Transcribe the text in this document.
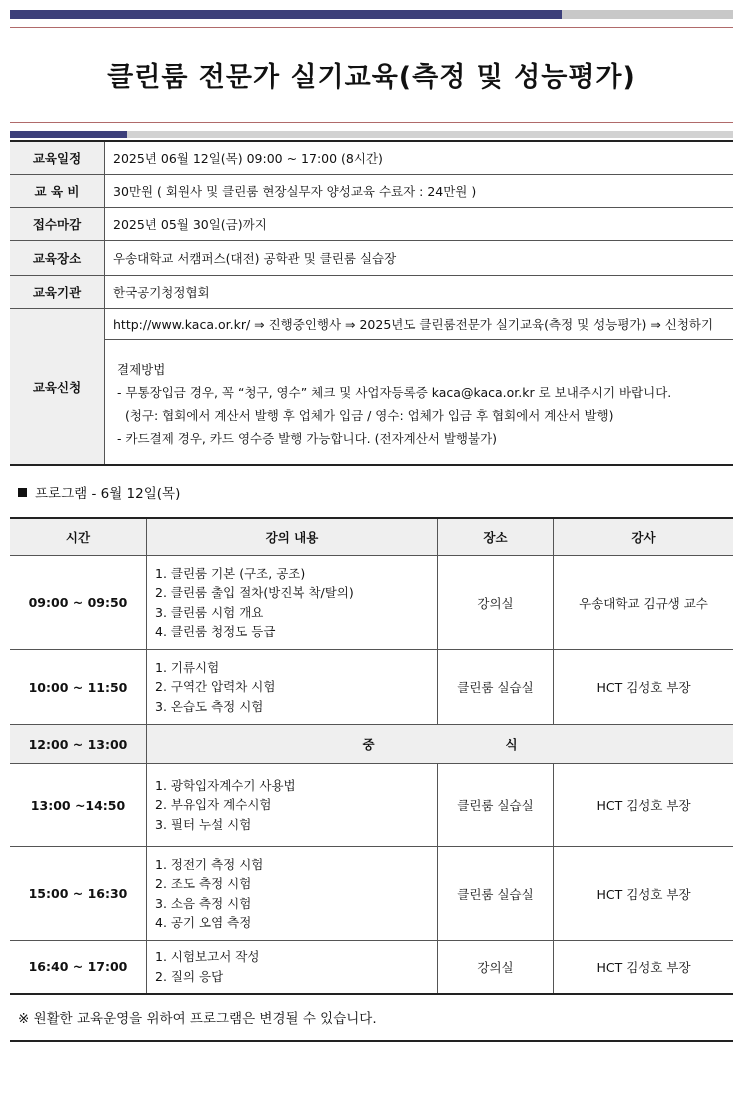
클린룸 전문가 실기교육(측정 및 성능평가)
교육일정	2025년 06월 12일(목) 09:00 ~ 17:00 (8시간)
교 육 비	30만원 ( 회원사 및 클린룸 현장실무자 양성교육 수료자 : 24만원 )
접수마감	2025년 05월 30일(금)까지
교육장소	우송대학교 서캠퍼스(대전) 공학관 및 클린룸 실습장
교육기관	한국공기청정협회
교육신청	http://www.kaca.or.kr/ ⇒ 진행중인행사 ⇒ 2025년도 클린룸전문가 실기교육(측정 및 성능평가) ⇒ 신청하기
결제방법
- 무통장입금 경우, 꼭 “청구, 영수” 체크 및 사업자등록증 kaca@kaca.or.kr 로 보내주시기 바랍니다.
(청구: 협회에서 계산서 발행 후 업체가 입금 / 영수: 업체가 입금 후 협회에서 계산서 발행)
- 카드결제 경우, 카드 영수증 발행 가능합니다. (전자계산서 발행불가)
프로그램 - 6월 12일(목)
시간	강의 내용	장소	강사
09:00 ~ 09:50	1. 클린룸 기본 (구조, 공조)
2. 클린룸 출입 절차(방진복 착/탈의)
3. 클린룸 시험 개요
4. 클린룸 청정도 등급	강의실	우송대학교 김규생 교수
10:00 ~ 11:50	1. 기류시험
2. 구역간 압력차 시험
3. 온습도 측정 시험	클린룸 실습실	HCT 김성호 부장
12:00 ~ 13:00	중 식		
13:00 ~14:50	1. 광학입자계수기 사용법
2. 부유입자 계수시험
3. 필터 누설 시험	클린룸 실습실	HCT 김성호 부장
15:00 ~ 16:30	1. 정전기 측정 시험
2. 조도 측정 시험
3. 소음 측정 시험
4. 공기 오염 측정	클린룸 실습실	HCT 김성호 부장
16:40 ~ 17:00	1. 시험보고서 작성
2. 질의 응답	강의실	HCT 김성호 부장
※ 원활한 교육운영을 위하여 프로그램은 변경될 수 있습니다.
